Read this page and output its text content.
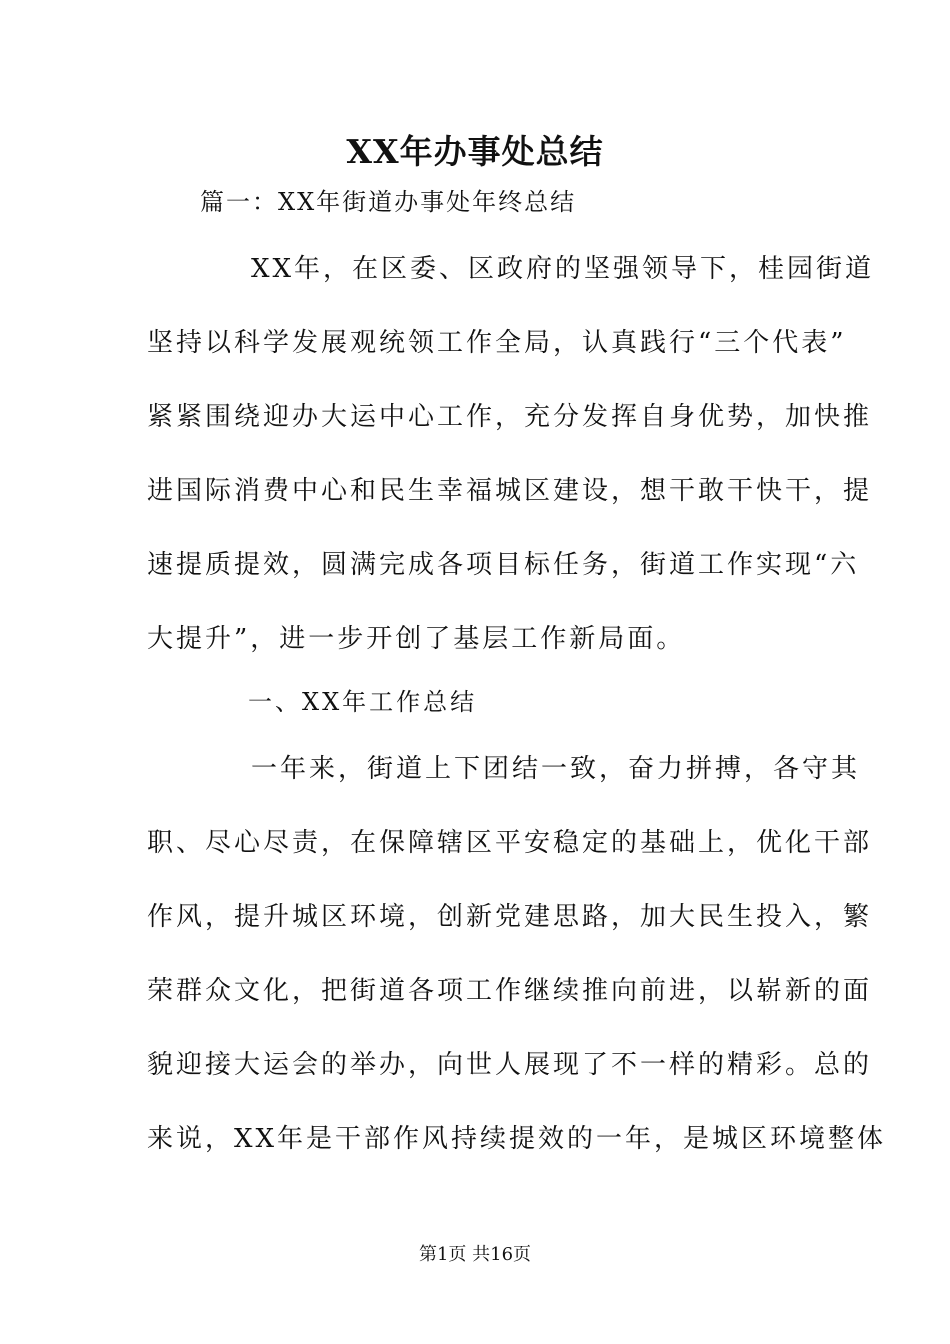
XX年办事处总结
篇一：XX年街道办事处年终总结
XX年，在区委、区政府的坚强领导下，桂园街道
坚持以科学发展观统领工作全局，认真践行“三个代表”
紧紧围绕迎办大运中心工作，充分发挥自身优势，加快推
进国际消费中心和民生幸福城区建设，想干敢干快干，提
速提质提效，圆满完成各项目标任务，街道工作实现“六
大提升”，进一步开创了基层工作新局面。
一、XX年工作总结
一年来，街道上下团结一致，奋力拼搏，各守其
职、尽心尽责，在保障辖区平安稳定的基础上，优化干部
作风，提升城区环境，创新党建思路，加大民生投入，繁
荣群众文化，把街道各项工作继续推向前进，以崭新的面
貌迎接大运会的举办，向世人展现了不一样的精彩。总的
来说，XX年是干部作风持续提效的一年，是城区环境整体
第1页 共16页
